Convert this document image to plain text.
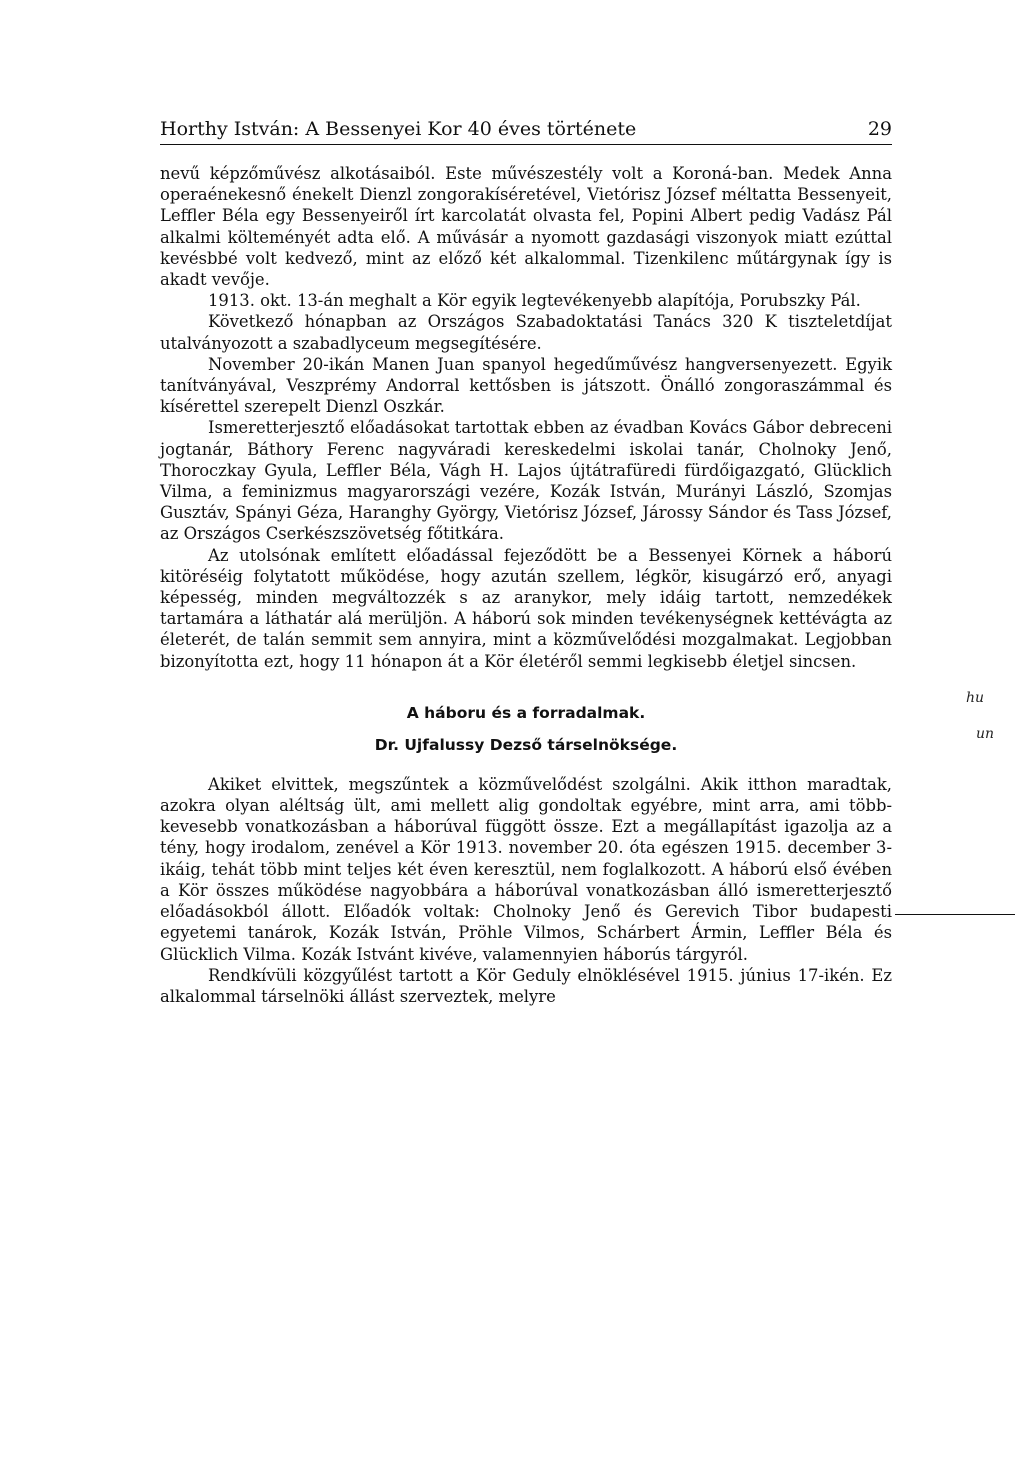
Horthy István: A Bessenyei Kor 40 éves története	29

nevű képzőművész alkotásaiból. Este művészestély volt a Koroná-ban. Medek Anna operaénekesnő énekelt Dienzl zongorakíséretével, Vietórisz József méltatta Bessenyeit, Leffler Béla egy Bessenyeiről írt karcolatát olvasta fel, Popini Albert pedig Vadász Pál alkalmi költeményét adta elő. A művásár a nyomott gazdasági viszonyok miatt ezúttal kevésbbé volt kedvező, mint az előző két alkalommal. Tizenkilenc műtárgynak így is akadt vevője.

1913. okt. 13-án meghalt a Kör egyik legtevékenyebb alapítója, Porubszky Pál.

Következő hónapban az Országos Szabadoktatási Tanács 320 K tiszteletdíjat utalványozott a szabadlyceum megsegítésére.

November 20-ikán Manen Juan spanyol hegedűművész hangversenyezett. Egyik tanítványával, Veszprémy Andorral kettősben is játszott. Önálló zongoraszámmal és kísérettel szerepelt Dienzl Oszkár.

Ismeretterjesztő előadásokat tartottak ebben az évadban Kovács Gábor debreceni jogtanár, Báthory Ferenc nagyváradi kereskedelmi iskolai tanár, Cholnoky Jenő, Thoroczkay Gyula, Leffler Béla, Vágh H. Lajos újtátrafüredi fürdőigazgató, Glücklich Vilma, a feminizmus magyarországi vezére, Kozák István, Murányi László, Szomjas Gusztáv, Spányi Géza, Haranghy György, Vietórisz József, Járossy Sándor és Tass József, az Országos Cserkészszövetség főtitkára.

Az utolsónak említett előadással fejeződött be a Bessenyei Körnek a háború kitöréséig folytatott működése, hogy azután szellem, légkör, kisugárzó erő, anyagi képesség, minden megváltozzék s az aranykor, mely idáig tartott, nemzedékek tartamára a láthatár alá merüljön. A háború sok minden tevékenységnek kettévágta az életerét, de talán semmit sem annyira, mint a közművelődési mozgalmakat. Legjobban bizonyította ezt, hogy 11 hónapon át a Kör életéről semmi legkisebb életjel sincsen.

A háboru és a forradalmak.

Dr. Ujfalussy Dezső társelnöksége.

Akiket elvittek, megszűntek a közművelődést szolgálni. Akik itthon maradtak, azokra olyan aléltság ült, ami mellett alig gondoltak egyébre, mint arra, ami több-kevesebb vonatkozásban a háborúval függött össze. Ezt a megállapítást igazolja az a tény, hogy irodalom, zenével a Kör 1913. november 20. óta egészen 1915. december 3-ikáig, tehát több mint teljes két éven keresztül, nem foglalkozott. A háború első évében a Kör összes működése nagyobbára a háborúval vonatkozásban álló ismeretterjesztő előadásokból állott. Előadók voltak: Cholnoky Jenő és Gerevich Tibor budapesti egyetemi tanárok, Kozák István, Pröhle Vilmos, Schárbert Ármin, Leffler Béla és Glücklich Vilma. Kozák Istvánt kivéve, valamennyien háborús tárgyról.

Rendkívüli közgyűlést tartott a Kör Geduly elnöklésével 1915. június 17-ikén. Ez alkalommal társelnöki állást szerveztek, melyre

hu
un
